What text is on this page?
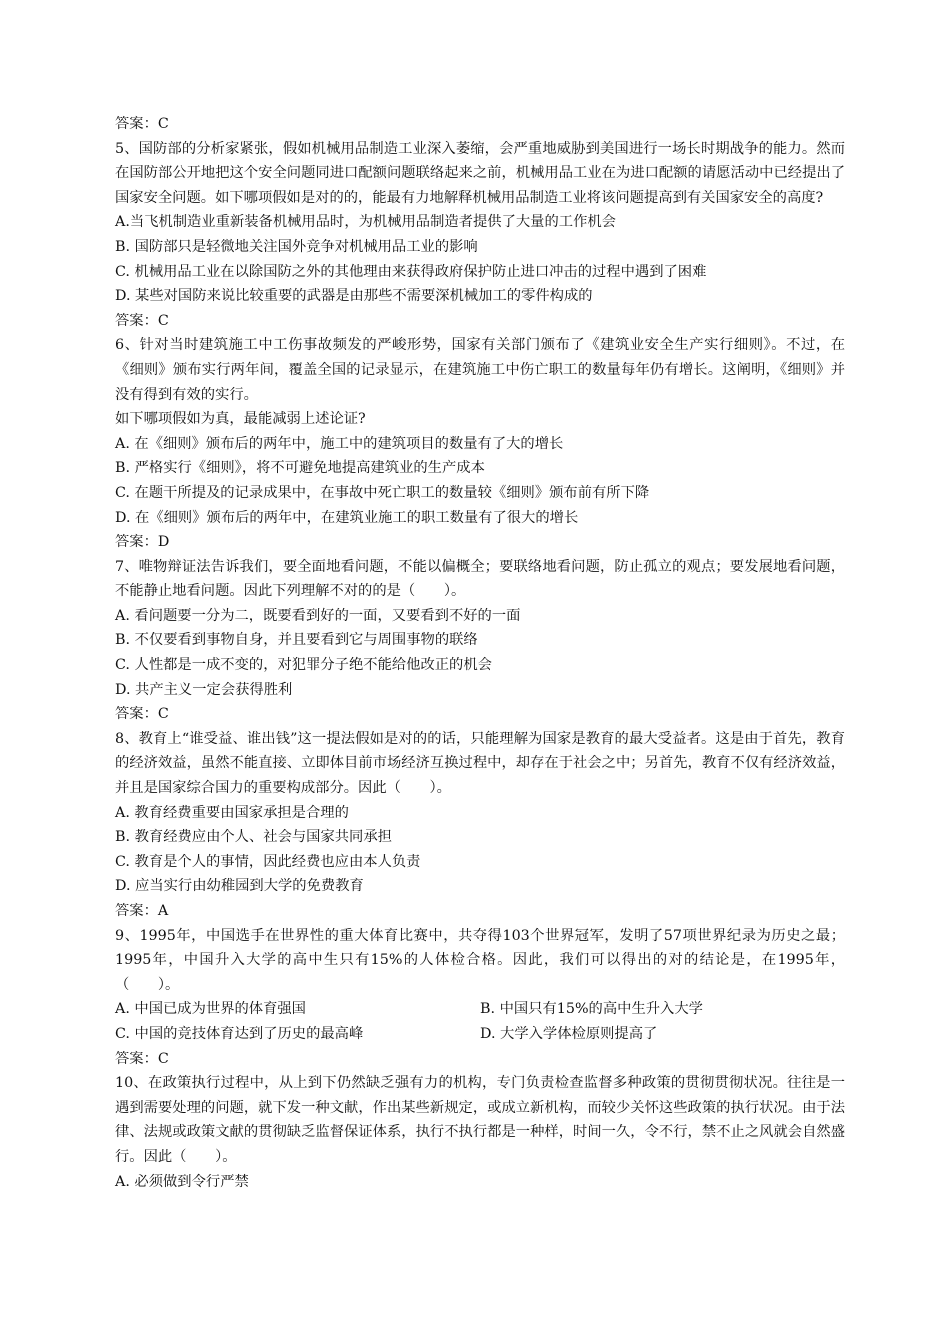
答案：C

5、国防部的分析家紧张，假如机械用品制造工业深入萎缩，会严重地威胁到美国进行一场长时期战争的能力。然而在国防部公开地把这个安全问题同进口配额问题联络起来之前，机械用品工业在为进口配额的请愿活动中已经提出了国家安全问题。如下哪项假如是对的的，能最有力地解释机械用品制造工业将该问题提高到有关国家安全的高度?

A.当飞机制造业重新装备机械用品时，为机械用品制造者提供了大量的工作机会

B. 国防部只是轻微地关注国外竞争对机械用品工业的影响

C. 机械用品工业在以除国防之外的其他理由来获得政府保护防止进口冲击的过程中遇到了困难

D. 某些对国防来说比较重要的武器是由那些不需要深机械加工的零件构成的

答案：C

6、针对当时建筑施工中工伤事故频发的严峻形势，国家有关部门颁布了《建筑业安全生产实行细则》。不过，在《细则》颁布实行两年间，覆盖全国的记录显示，在建筑施工中伤亡职工的数量每年仍有增长。这阐明，《细则》并没有得到有效的实行。

如下哪项假如为真，最能减弱上述论证?

A. 在《细则》颁布后的两年中，施工中的建筑项目的数量有了大的增长

B. 严格实行《细则》，将不可避免地提高建筑业的生产成本

C. 在题干所提及的记录成果中，在事故中死亡职工的数量较《细则》颁布前有所下降

D. 在《细则》颁布后的两年中，在建筑业施工的职工数量有了很大的增长

答案：D

7、唯物辩证法告诉我们，要全面地看问题，不能以偏概全；要联络地看问题，防止孤立的观点；要发展地看问题，不能静止地看问题。因此下列理解不对的的是（　　）。

A. 看问题要一分为二，既要看到好的一面，又要看到不好的一面

B. 不仅要看到事物自身，并且要看到它与周围事物的联络

C. 人性都是一成不变的，对犯罪分子绝不能给他改正的机会

D. 共产主义一定会获得胜利

答案：C

8、教育上“谁受益、谁出钱”这一提法假如是对的的话，只能理解为国家是教育的最大受益者。这是由于首先，教育的经济效益，虽然不能直接、立即体目前市场经济互换过程中，却存在于社会之中；另首先，教育不仅有经济效益，并且是国家综合国力的重要构成部分。因此（　　）。

A. 教育经费重要由国家承担是合理的

B. 教育经费应由个人、社会与国家共同承担

C. 教育是个人的事情，因此经费也应由本人负责

D. 应当实行由幼稚园到大学的免费教育

答案：A

9、1995年，中国选手在世界性的重大体育比赛中，共夺得103个世界冠军，发明了57项世界纪录为历史之最；1995年，中国升入大学的高中生只有15%的人体检合格。因此，我们可以得出的对的结论是，在1995年，（　　）。

A. 中国已成为世界的体育强国	B. 中国只有15%的高中生升入大学
C. 中国的竞技体育达到了历史的最高峰	D. 大学入学体检原则提高了

答案：C

10、在政策执行过程中，从上到下仍然缺乏强有力的机构，专门负责检查监督多种政策的贯彻贯彻状况。往往是一遇到需要处理的问题，就下发一种文献，作出某些新规定，或成立新机构，而较少关怀这些政策的执行状况。由于法律、法规或政策文献的贯彻缺乏监督保证体系，执行不执行都是一种样，时间一久，令不行，禁不止之风就会自然盛行。因此（　　）。

A. 必须做到令行严禁
